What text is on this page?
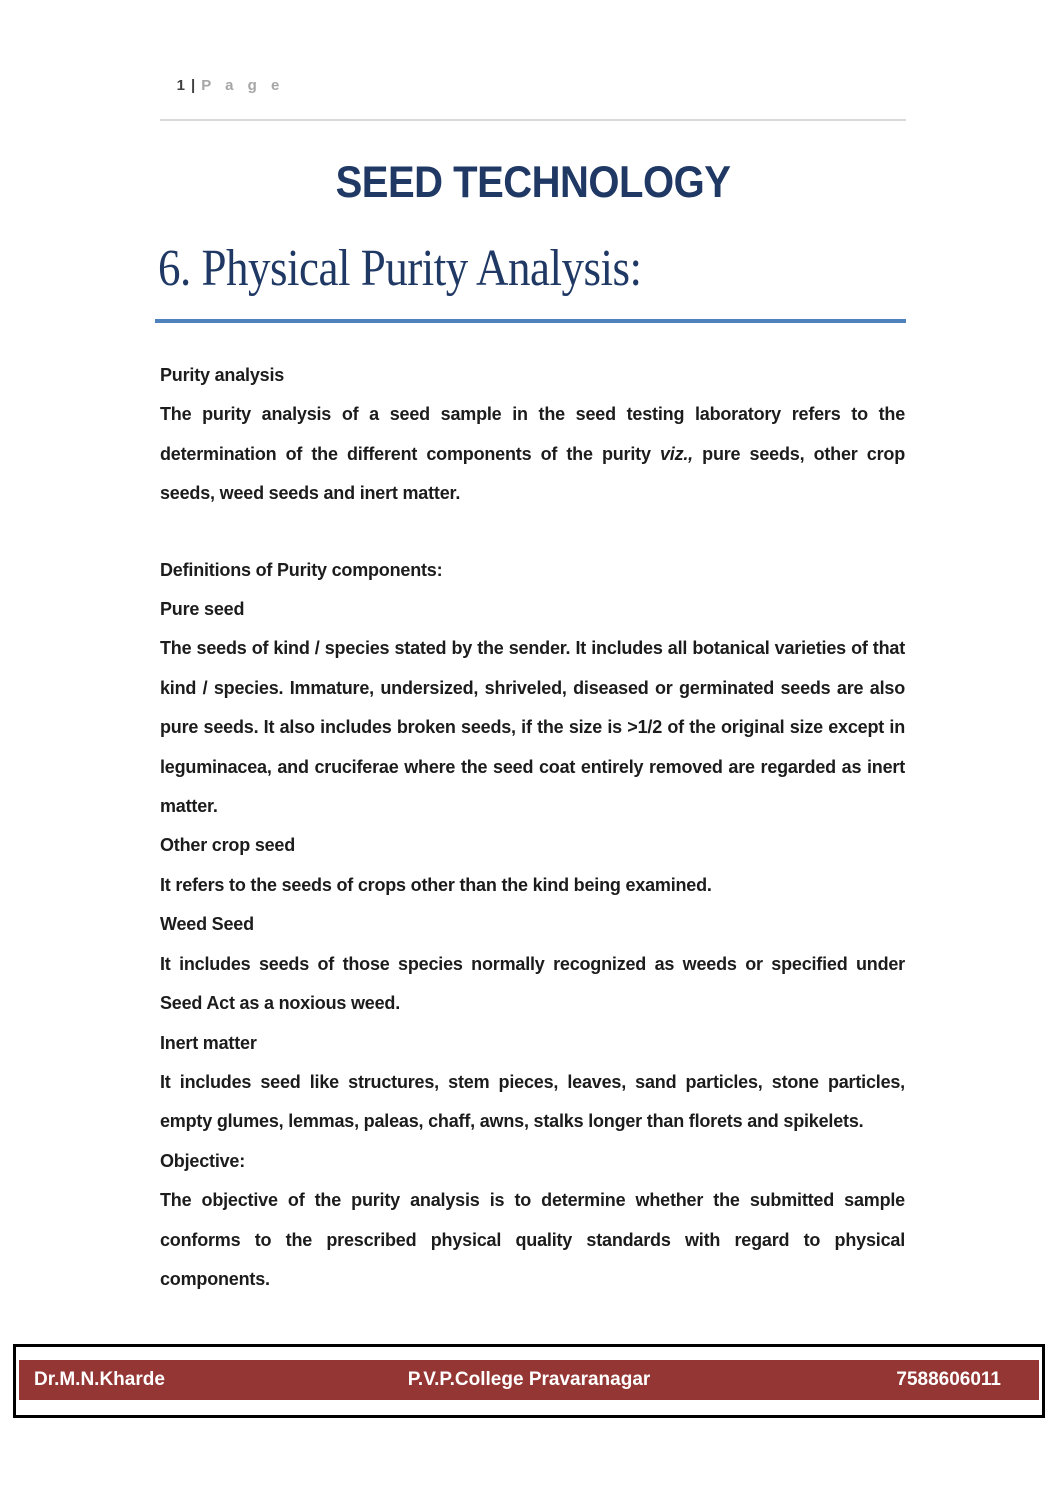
1 | P a g e

SEED TECHNOLOGY
6. Physical Purity Analysis:
Purity analysis

The purity analysis of a seed sample in the seed testing laboratory refers to the determination of the different components of the purity viz., pure seeds, other crop seeds, weed seeds and inert matter.

Definitions of Purity components:
Pure seed

The seeds of kind / species stated by the sender. It includes all botanical varieties of that kind / species. Immature, undersized, shriveled, diseased or germinated seeds are also pure seeds. It also includes broken seeds, if the size is >1/2 of the original size except in leguminacea, and cruciferae where the seed coat entirely removed are regarded as inert matter.

Other crop seed

It refers to the seeds of crops other than the kind being examined.

Weed Seed

It includes seeds of those species normally recognized as weeds or specified under Seed Act as a noxious weed.

Inert matter

It includes seed like structures, stem pieces, leaves, sand particles, stone particles, empty glumes, lemmas, paleas, chaff, awns, stalks longer than florets and spikelets.

Objective:

The objective of the purity analysis is to determine whether the submitted sample conforms to the prescribed physical quality standards with regard to physical components.

Dr.M.N.Kharde	P.V.P.College Pravaranagar	7588606011
